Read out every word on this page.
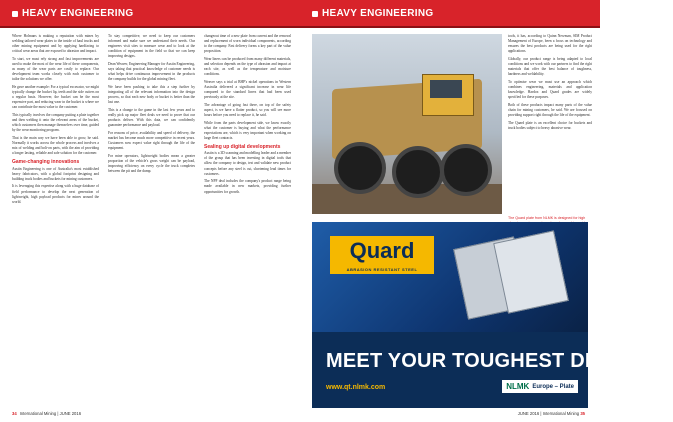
HEAVY ENGINEERING

Where Holmans is making a reputation with mines by welding tailored wear plates to the inside of haul trucks and other mining equipment and by applying hardfacing to critical wear areas that are exposed to abrasion and impact.

To start, we must rely strong and fast improvements are used to make the most of the wear life of these components, as many of the wear parts are costly to replace. Our development team works closely with each customer to tailor the solutions we offer.

He gave another example: For a typical excavator, we might typically change the bucket lip, teeth and the side cutters on a regular basis. However, the bucket can be the most expensive part, and reducing wear in the bucket is where we can contribute the most value to the customer.

This typically involves the company putting a plate together and then welding it onto the relevant areas of the bucket, which customers then manage themselves over time, guided by the wear monitoring program.

That is the main way we have been able to grow, he said. Normally it works across the whole process and involves a mix of welding and bolt-on parts, with the aim of providing a longer lasting, reliable and safe solution for the customer.

Game-changing innovations

Austin Engineering is one of Australia's most established heavy fabricators, with a global footprint designing and building truck bodies and buckets for mining customers.

It is leveraging this expertise along with a huge database of field performance to develop the next generation of lightweight, high payload products for mines around the world.

To stay competitive, we need to keep our customers informed and make sure we understand their needs. Our engineers visit sites to measure wear and to look at the condition of equipment in the field so that we can keep improving designs.

Dean Weaver, Engineering Manager for Austin Engineering, says taking that practical knowledge of customer needs is what helps drive continuous improvement in the products the company builds for the global mining fleet.

We have been pushing to take this a step further by integrating all of the relevant information into the design process, so that each new body or bucket is better than the last one.

This is a change to the game in the last few years and to really pick up major fleet deals we need to prove that our products deliver. With this data, we can confidently guarantee performance and payload.

For reasons of price, availability and speed of delivery, the market has become much more competitive in recent years. Customers now expect value right through the life of the equipment.

For mine operators, lightweight bodies mean a greater proportion of the vehicle's gross weight can be payload, improving efficiency on every cycle the truck completes between the pit and the dump.

changeout time of a new plate from current and the removal and replacement of worn individual components, according to the company. Fast delivery forms a key part of the value proposition.

Wear liners can be produced from many different materials, and selection depends on the type of abrasion and impact at each site, as well as the temperature and moisture conditions.

Weaver says a trial at BHP's nickel operations in Western Australia delivered a significant increase in wear life compared to the standard liners that had been used previously at the site.

The advantage of going fast there, on top of the safety aspect, is we have a flatter product, so you will see more hours before you need to replace it, he said.

While from the parts development side, we know exactly what the customer is buying and what the performance expectations are, which is very important when working on large fleet contracts.

Sealing up digital developments

Austin is a 3D scanning and modelling leader and a member of the group that has been investing in digital tools that allow the company to design, test and validate new product concepts before any steel is cut, shortening lead times for customers.

The NPF deal includes the company's product range being made available in new markets, providing further opportunities for growth.

34 International Mining | JUNE 2016
HEAVY ENGINEERING

tools, it has, according to Quinn Newman, SIM Product Management of Europe, been a focus on technology and ensures the best products are being used for the right applications.

Globally, our product range is being adapted to local conditions and we work with our partners to find the right materials that offer the best balance of toughness, hardness and weldability.

To optimise wear we must use an approach which combines engineering, materials and application knowledge. Hardox and Quard grades are widely specified for these purposes.

Both of these products impact many parts of the value chain for mining customers, he said. We are focused on providing support right through the life of the equipment.

The Quard plate is an excellent choice for buckets and truck bodies subject to heavy abrasive wear.

The Quard plate from NLMK is designed for high
Quard
ABRASION RESISTANT STEEL
MEET YOUR TOUGHEST DEMANDS
www.qt.nlmk.com	NLMK Europe – Plate
JUNE 2016 | International Mining 35
